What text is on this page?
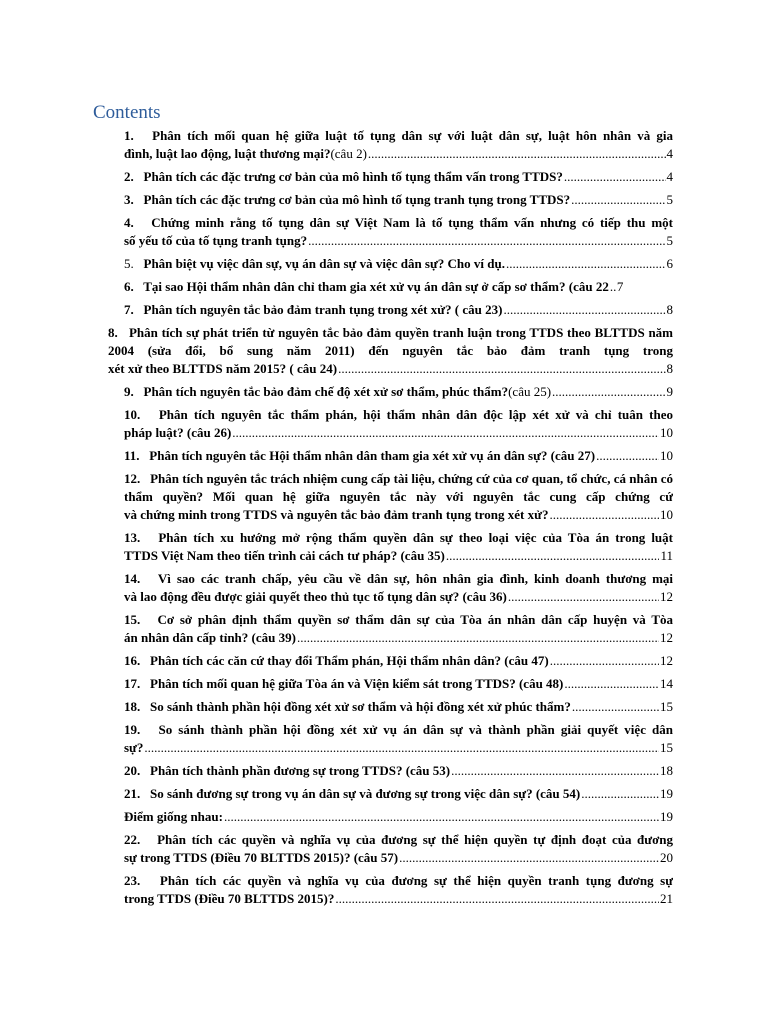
Contents
1.   Phân tích mối quan hệ giữa luật tố tụng dân sự với luật dân sự, luật hôn nhân và gia
đình, luật lao động, luật thương mại?(câu 2) .....	4
2.   Phân tích các đặc trưng cơ bản của mô hình tố tụng thẩm vấn trong TTDS? .....	4
3.   Phân tích các đặc trưng cơ bản của mô hình tố tụng tranh tụng trong TTDS? .....	5
4.   Chứng minh rằng tố tụng dân sự Việt Nam là tố tụng thẩm vấn nhưng có tiếp thu một
số yếu tố của tố tụng tranh tụng? .....	5
5.   Phân biệt vụ việc dân sự, vụ án dân sự và việc dân sự? Cho ví dụ. .....	6
6.   Tại sao Hội thẩm nhân dân chỉ tham gia xét xử vụ án dân sự ở cấp sơ thẩm? (câu 22 ..... 7
7.   Phân tích nguyên tắc bảo đảm tranh tụng trong xét xử? ( câu 23) .....	8
8.   Phân tích sự phát triển từ nguyên tắc bảo đảm quyền tranh luận trong TTDS theo BLTTDS năm 2004 (sửa đổi, bổ sung năm 2011) đến nguyên tắc bảo đảm tranh tụng trong
xét xử theo BLTTDS năm 2015? ( câu 24) .....	8
9.   Phân tích nguyên tắc bảo đảm chế độ xét xử sơ thẩm, phúc thẩm?(câu 25) .....	9
10.   Phân tích nguyên tắc thẩm phán, hội thẩm nhân dân độc lập xét xử và chỉ tuân theo
pháp luật? (câu 26) .....	10
11.   Phân tích nguyên tắc Hội thẩm nhân dân tham gia xét xử vụ án dân sự? (câu 27) .....	10
12.   Phân tích nguyên tắc trách nhiệm cung cấp tài liệu, chứng cứ của cơ quan, tổ chức, cá nhân có thẩm quyền? Mối quan hệ giữa nguyên tắc này với nguyên tắc cung cấp chứng cứ
và chứng minh trong TTDS và nguyên tắc bảo đảm tranh tụng trong xét xử? .....	10
13.   Phân tích xu hướng mở rộng thẩm quyền dân sự theo loại việc của Tòa án trong luật
TTDS Việt Nam theo tiến trình cải cách tư pháp? (câu 35) .....	11
14.   Vì sao các tranh chấp, yêu cầu về dân sự, hôn nhân gia đình, kinh doanh thương mại
và lao động đều được giải quyết theo thủ tục tố tụng dân sự? (câu 36) .....	12
15.   Cơ sở phân định thẩm quyền sơ thẩm dân sự của Tòa án nhân dân cấp huyện và Tòa
án nhân dân cấp tỉnh? (câu 39) .....	12
16.   Phân tích các căn cứ thay đổi Thẩm phán, Hội thẩm nhân dân? (câu 47) .....	12
17.   Phân tích mối quan hệ giữa Tòa án và Viện kiểm sát trong TTDS? (câu 48) .....	14
18.   So sánh thành phần hội đồng xét xử sơ thẩm và hội đồng xét xử phúc thẩm? .....	15
19.   So sánh thành phần hội đồng xét xử vụ án dân sự và thành phần giải quyết việc dân
sự? .....	15
20.   Phân tích thành phần đương sự trong TTDS? (câu 53) .....	18
21.   So sánh đương sự trong vụ án dân sự và đương sự trong việc dân sự? (câu 54) .....	19
Điểm giống nhau: .....	19
22.   Phân tích các quyền và nghĩa vụ của đương sự thể hiện quyền tự định đoạt của đương
sự trong TTDS (Điều 70 BLTTDS 2015)? (câu 57) .....	20
23.   Phân tích các quyền và nghĩa vụ của đương sự thể hiện quyền tranh tụng đương sự
trong TTDS (Điều 70 BLTTDS 2015)? .....	21
